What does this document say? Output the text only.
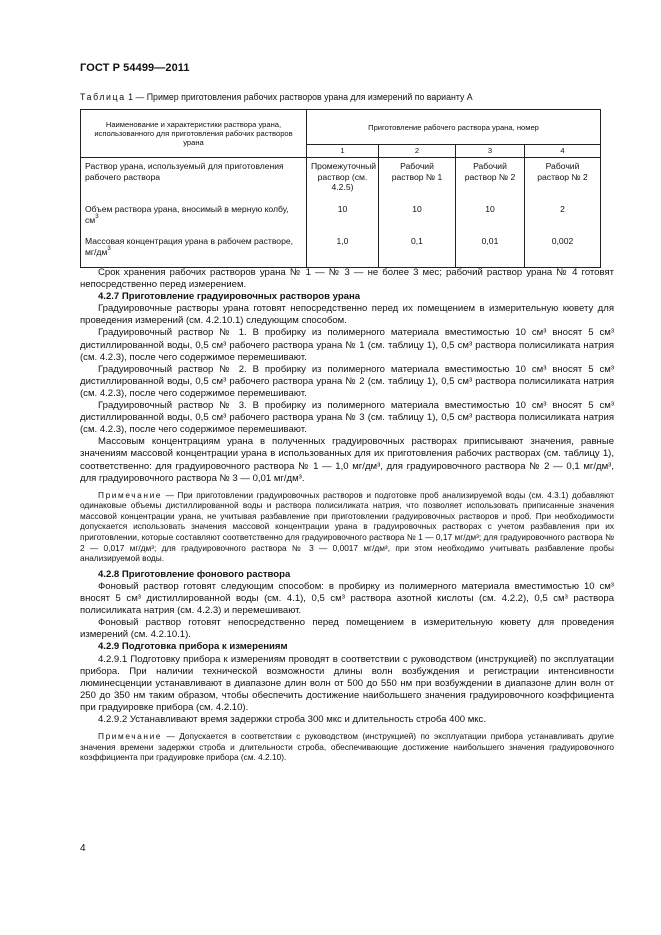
ГОСТ Р 54499—2011
Таблица 1 — Пример приготовления рабочих растворов урана для измерений по варианту А
Наименование и характеристики раствора урана, использованного для приготовления рабочих растворов урана	Приготовление рабочего раствора урана, номер			
	1	2	3	4
Раствор урана, используемый для приготовления рабочего раствора	Промежуточный раствор (см. 4.2.5)	Рабочий раствор № 1	Рабочий раствор № 2	Рабочий раствор № 2
Объем раствора урана, вносимый в мерную колбу, $см^3$	10	10	10	2
Массовая концентрация урана в рабочем растворе, $мг/дм^3$	1,0	0,1	0,01	0,002

Срок хранения рабочих растворов урана № 1 — № 3 — не более 3 мес; рабочий раствор урана № 4 готовят непосредственно перед измерением.

4.2.7 Приготовление градуировочных растворов урана

Градуировочные растворы урана готовят непосредственно перед их помещением в измерительную кювету для проведения измерений (см. 4.2.10.1) следующим способом.

Градуировочный раствор № 1. В пробирку из полимерного материала вместимостью 10 см³ вносят 5 см³ дистиллированной воды, 0,5 см³ рабочего раствора урана № 1 (см. таблицу 1), 0,5 см³ раствора полисиликата натрия (см. 4.2.3), после чего содержимое перемешивают.

Градуировочный раствор № 2. В пробирку из полимерного материала вместимостью 10 см³ вносят 5 см³ дистиллированной воды, 0,5 см³ рабочего раствора урана № 2 (см. таблицу 1), 0,5 см³ раствора полисиликата натрия (см. 4.2.3), после чего содержимое перемешивают.

Градуировочный раствор № 3. В пробирку из полимерного материала вместимостью 10 см³ вносят 5 см³ дистиллированной воды, 0,5 см³ рабочего раствора урана № 3 (см. таблицу 1), 0,5 см³ раствора полисиликата натрия (см. 4.2.3), после чего содержимое перемешивают.

Массовым концентрациям урана в полученных градуировочных растворах приписывают значения, равные значениям массовой концентрации урана в использованных для их приготовления рабочих растворах (см. таблицу 1), соответственно: для градуировочного раствора № 1 — 1,0 мг/дм³, для градуировочного раствора № 2 — 0,1 мг/дм³, для градуировочного раствора № 3 — 0,01 мг/дм³.

Примечание — При приготовлении градуировочных растворов и подготовке проб анализируемой воды (см. 4.3.1) добавляют одинаковые объемы дистиллированной воды и раствора полисиликата натрия, что позволяет использовать приписанные значения массовой концентрации урана, не учитывая разбавление при приготовлении градуировочных растворов и проб. При необходимости допускается использовать значения массовой концентрации урана в градуировочных растворах с учетом разбавления при их приготовлении, которые составляют соответственно для градуировочного раствора № 1 — 0,17 мг/дм³; для градуировочного раствора № 2 — 0,017 мг/дм³; для градуировочного раствора № 3 — 0,0017 мг/дм³, при этом необходимо учитывать разбавление пробы анализируемой воды.

4.2.8 Приготовление фонового раствора

Фоновый раствор готовят следующим способом: в пробирку из полимерного материала вместимостью 10 см³ вносят 5 см³ дистиллированной воды (см. 4.1), 0,5 см³ раствора азотной кислоты (см. 4.2.2), 0,5 см³ раствора полисиликата натрия (см. 4.2.3) и перемешивают.

Фоновый раствор готовят непосредственно перед помещением в измерительную кювету для проведения измерений (см. 4.2.10.1).

4.2.9 Подготовка прибора к измерениям

4.2.9.1 Подготовку прибора к измерениям проводят в соответствии с руководством (инструкцией) по эксплуатации прибора. При наличии технической возможности длины волн возбуждения и регистрации интенсивности люминесценции устанавливают в диапазоне длин волн от 500 до 550 нм при возбуждении в диапазоне длин волн от 250 до 350 нм таким образом, чтобы обеспечить достижение наибольшего значения градуировочного коэффициента при градуировке прибора (см. 4.2.10).

4.2.9.2 Устанавливают время задержки строба 300 мкс и длительность строба 400 мкс.

Примечание — Допускается в соответствии с руководством (инструкцией) по эксплуатации прибора устанавливать другие значения времени задержки строба и длительности строба, обеспечивающие достижение наибольшего значения градуировочного коэффициента при градуировке прибора (см. 4.2.10).

4
